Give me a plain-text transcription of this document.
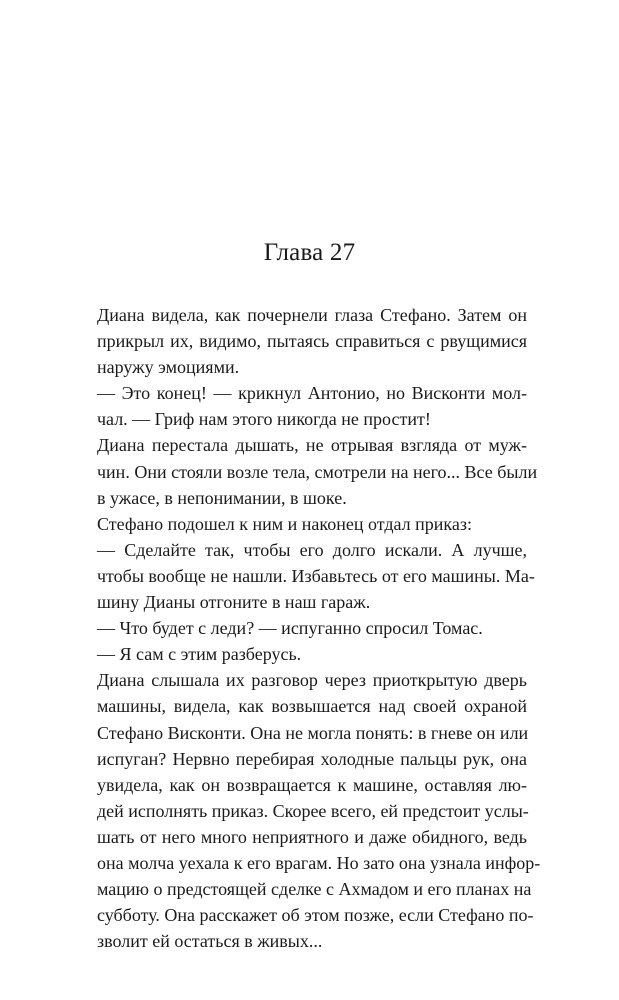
Глава 27
Диана видела, как почернели глаза Стефано. Затем он
прикрыл их, видимо, пытаясь справиться с рвущимися
наружу эмоциями.
— Это конец! — крикнул Антонио, но Висконти мол-
чал. — Гриф нам этого никогда не простит!
Диана перестала дышать, не отрывая взгляда от муж-
чин. Они стояли возле тела, смотрели на него... Все были
в ужасе, в непонимании, в шоке.
Стефано подошел к ним и наконец отдал приказ:
— Сделайте так, чтобы его долго искали. А лучше,
чтобы вообще не нашли. Избавьтесь от его машины. Ма-
шину Дианы отгоните в наш гараж.
— Что будет с леди? — испуганно спросил Томас.
— Я сам с этим разберусь.
Диана слышала их разговор через приоткрытую дверь
машины, видела, как возвышается над своей охраной
Стефано Висконти. Она не могла понять: в гневе он или
испуган? Нервно перебирая холодные пальцы рук, она
увидела, как он возвращается к машине, оставляя лю-
дей исполнять приказ. Скорее всего, ей предстоит услы-
шать от него много неприятного и даже обидного, ведь
она молча уехала к его врагам. Но зато она узнала инфор-
мацию о предстоящей сделке с Ахмадом и его планах на
субботу. Она расскажет об этом позже, если Стефано по-
зволит ей остаться в живых...
